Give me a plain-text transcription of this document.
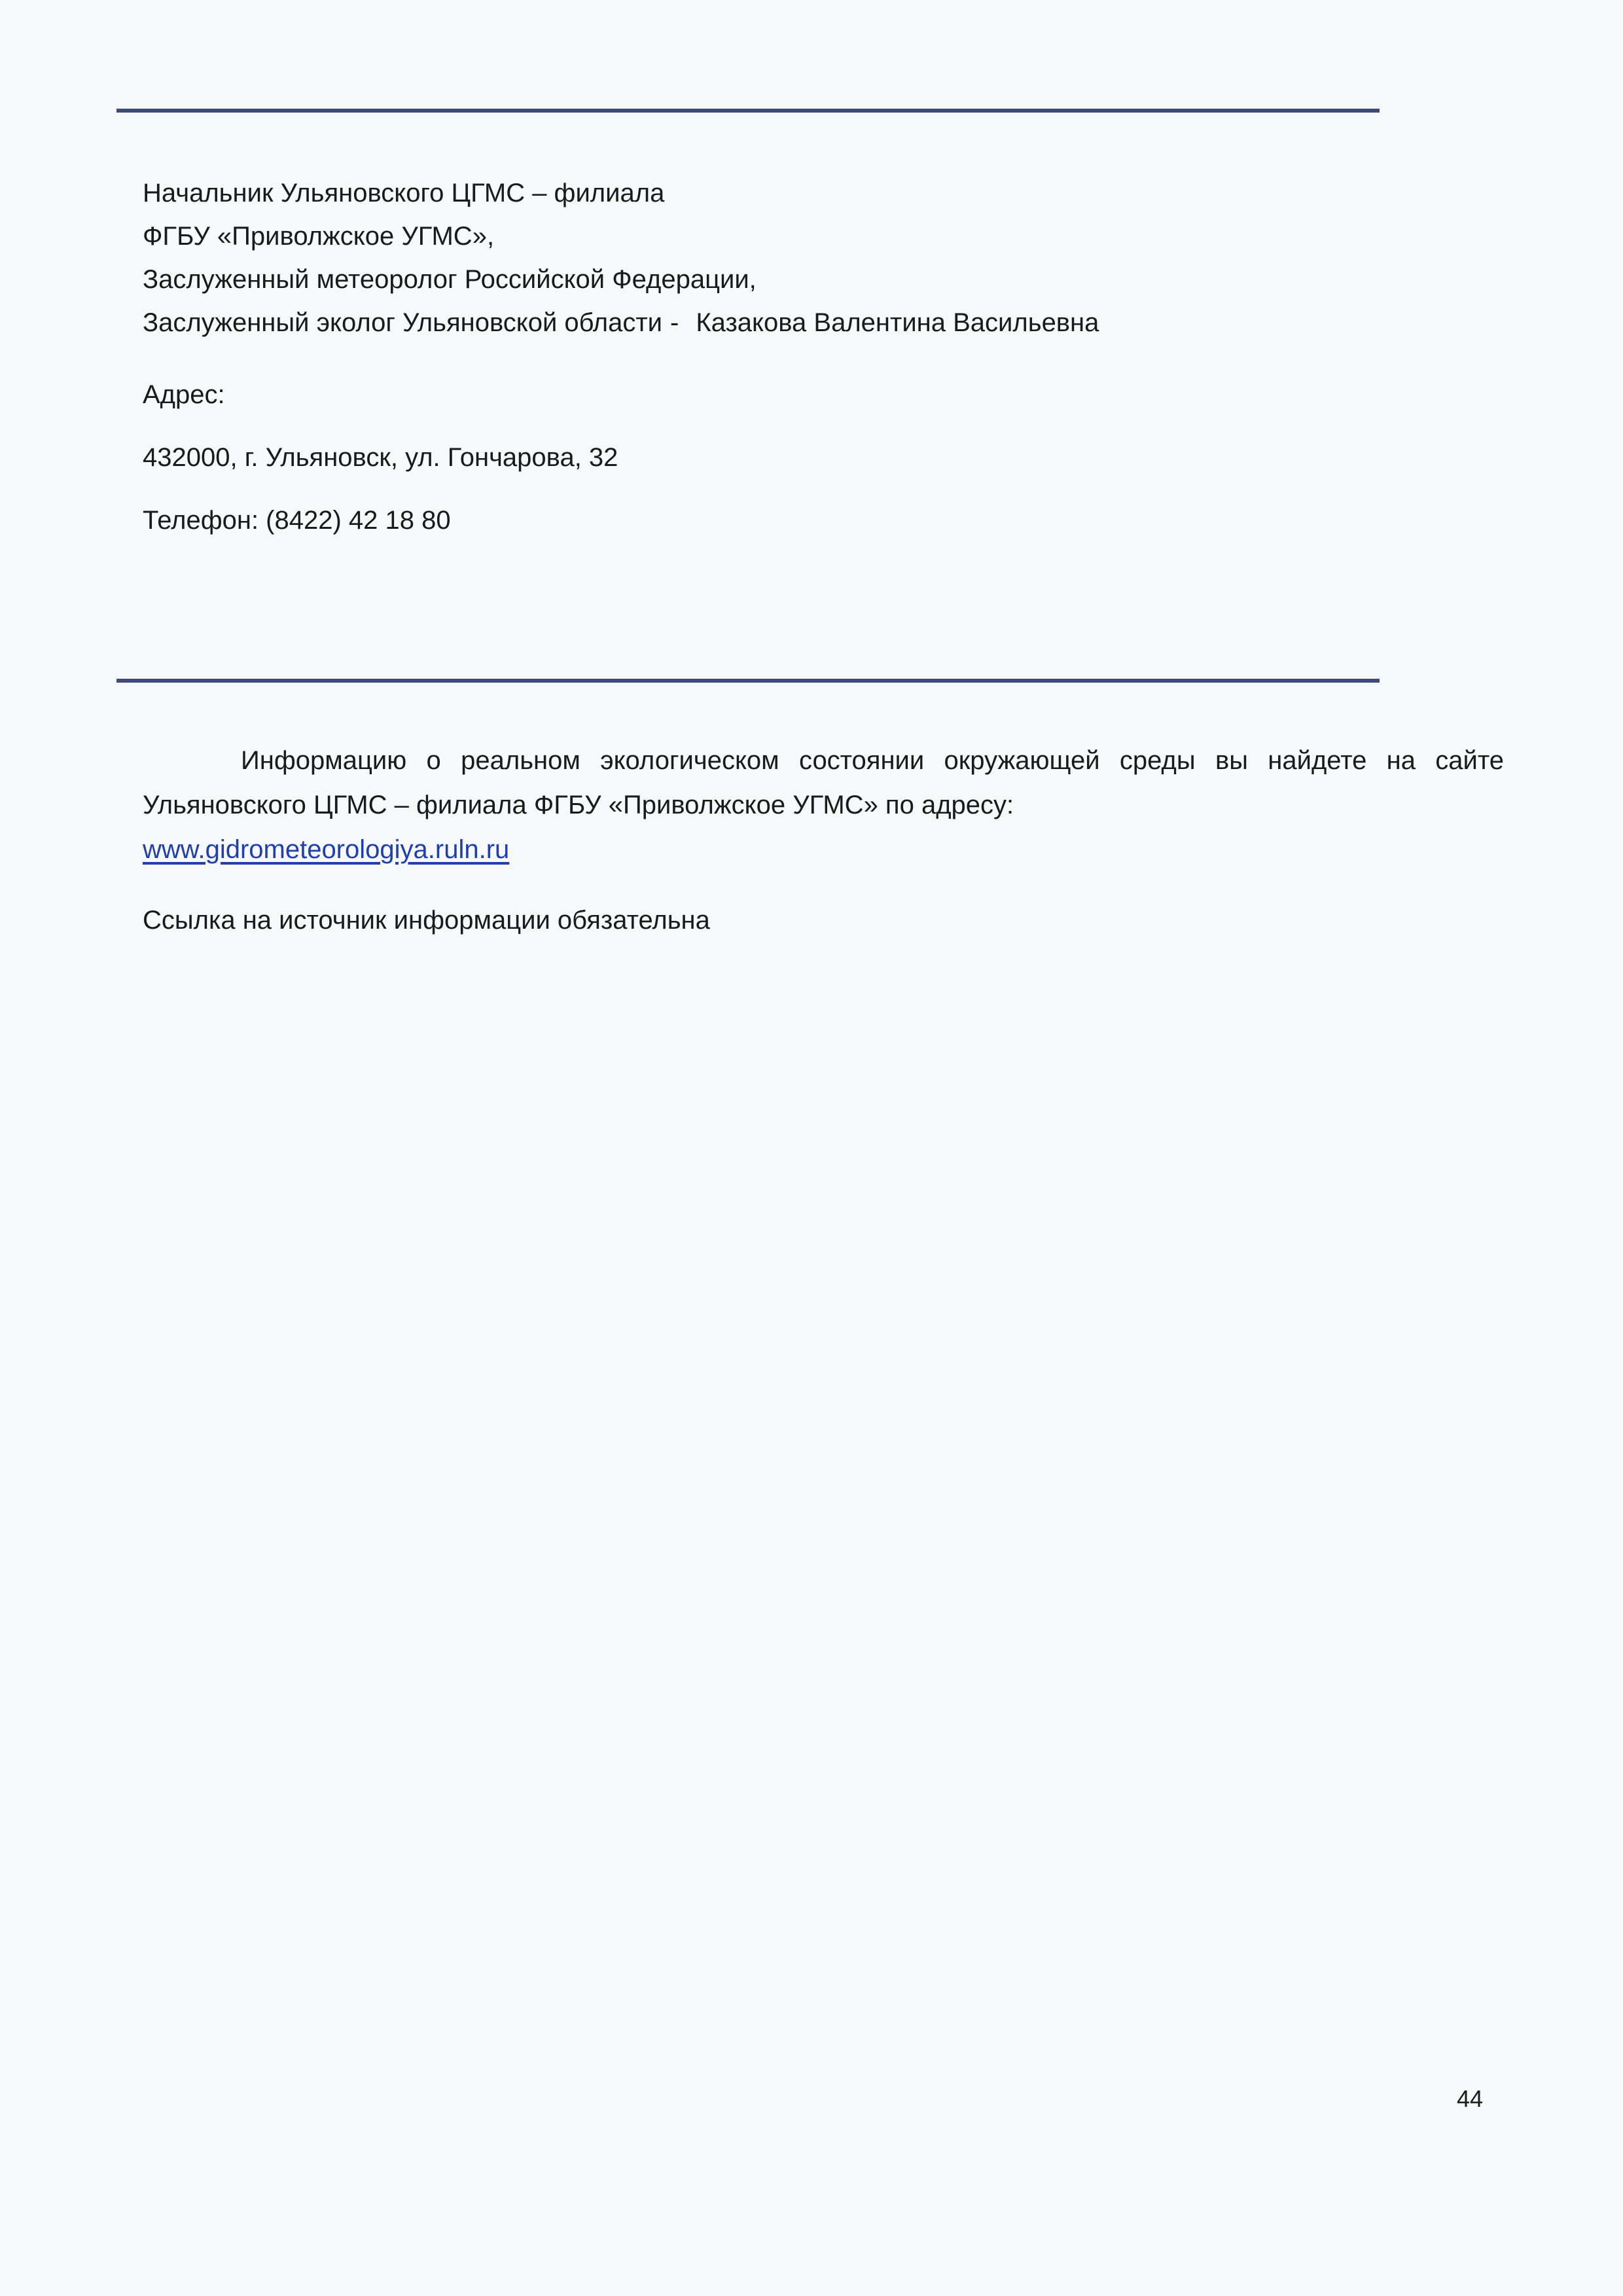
Начальник Ульяновского ЦГМС – филиала
ФГБУ «Приволжское УГМС»,
Заслуженный метеоролог Российской Федерации,
Заслуженный эколог Ульяновской области - Казакова Валентина Васильевна
Адрес:
432000, г. Ульяновск, ул. Гончарова, 32
Телефон: (8422) 42 18 80

Информацию о реальном экологическом состоянии окружающей среды вы найдете на сайте Ульяновского ЦГМС – филиала ФГБУ «Приволжское УГМС» по адресу:

www.gidrometeorologiya.ruln.ru
Ссылка на источник информации обязательна
44
